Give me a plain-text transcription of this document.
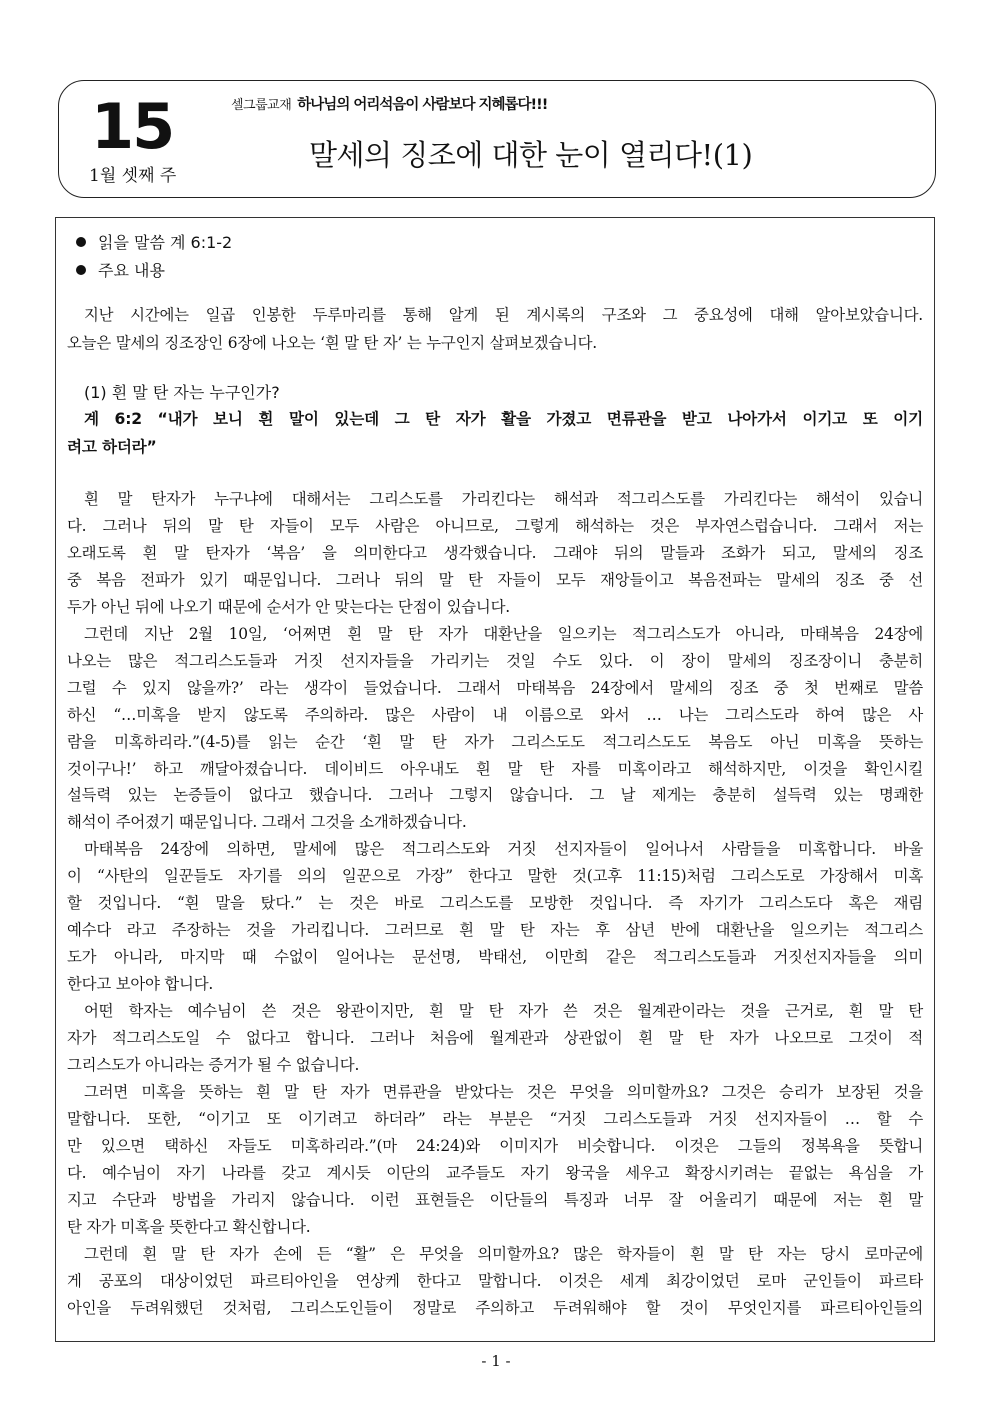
15
1월 셋째 주
셀그룹교재 하나님의 어리석음이 사람보다 지혜롭다!!!
말세의 징조에 대한 눈이 열리다!(1)
읽을 말씀 계 6:1-2
주요 내용
지난 시간에는 일곱 인봉한 두루마리를 통해 알게 된 계시록의 구조와 그 중요성에 대해 알아보았습니다.
오늘은 말세의 징조장인 6장에 나오는 ‘흰 말 탄 자’ 는 누구인지 살펴보겠습니다.
(1) 흰 말 탄 자는 누구인가?
계 6:2 “내가 보니 흰 말이 있는데 그 탄 자가 활을 가졌고 면류관을 받고 나아가서 이기고 또 이기
려고 하더라”
흰 말 탄자가 누구냐에 대해서는 그리스도를 가리킨다는 해석과 적그리스도를 가리킨다는 해석이 있습니
다. 그러나 뒤의 말 탄 자들이 모두 사람은 아니므로, 그렇게 해석하는 것은 부자연스럽습니다. 그래서 저는
오래도록 흰 말 탄자가 ‘복음’ 을 의미한다고 생각했습니다. 그래야 뒤의 말들과 조화가 되고, 말세의 징조
중 복음 전파가 있기 때문입니다. 그러나 뒤의 말 탄 자들이 모두 재앙들이고 복음전파는 말세의 징조 중 선
두가 아닌 뒤에 나오기 때문에 순서가 안 맞는다는 단점이 있습니다.
그런데 지난 2월 10일, ‘어쩌면 흰 말 탄 자가 대환난을 일으키는 적그리스도가 아니라, 마태복음 24장에
나오는 많은 적그리스도들과 거짓 선지자들을 가리키는 것일 수도 있다. 이 장이 말세의 징조장이니 충분히
그럴 수 있지 않을까?’ 라는 생각이 들었습니다. 그래서 마태복음 24장에서 말세의 징조 중 첫 번째로 말씀
하신 “…미혹을 받지 않도록 주의하라. 많은 사람이 내 이름으로 와서 … 나는 그리스도라 하여 많은 사
람을 미혹하리라.”(4-5)를 읽는 순간 ‘흰 말 탄 자가 그리스도도 적그리스도도 복음도 아닌 미혹을 뜻하는
것이구나!’ 하고 깨달아졌습니다. 데이비드 아우내도 흰 말 탄 자를 미혹이라고 해석하지만, 이것을 확인시킬
설득력 있는 논증들이 없다고 했습니다. 그러나 그렇지 않습니다. 그 날 제게는 충분히 설득력 있는 명쾌한
해석이 주어졌기 때문입니다. 그래서 그것을 소개하겠습니다.
마태복음 24장에 의하면, 말세에 많은 적그리스도와 거짓 선지자들이 일어나서 사람들을 미혹합니다. 바울
이 “사탄의 일꾼들도 자기를 의의 일꾼으로 가장” 한다고 말한 것(고후 11:15)처럼 그리스도로 가장해서 미혹
할 것입니다. “흰 말을 탔다.” 는 것은 바로 그리스도를 모방한 것입니다. 즉 자기가 그리스도다 혹은 재림
예수다 라고 주장하는 것을 가리킵니다. 그러므로 흰 말 탄 자는 후 삼년 반에 대환난을 일으키는 적그리스
도가 아니라, 마지막 때 수없이 일어나는 문선명, 박태선, 이만희 같은 적그리스도들과 거짓선지자들을 의미
한다고 보아야 합니다.
어떤 학자는 예수님이 쓴 것은 왕관이지만, 흰 말 탄 자가 쓴 것은 월계관이라는 것을 근거로, 흰 말 탄
자가 적그리스도일 수 없다고 합니다. 그러나 처음에 월계관과 상관없이 흰 말 탄 자가 나오므로 그것이 적
그리스도가 아니라는 증거가 될 수 없습니다.
그러면 미혹을 뜻하는 흰 말 탄 자가 면류관을 받았다는 것은 무엇을 의미할까요? 그것은 승리가 보장된 것을
말합니다. 또한, “이기고 또 이기려고 하더라” 라는 부분은 “거짓 그리스도들과 거짓 선지자들이 … 할 수
만 있으면 택하신 자들도 미혹하리라.”(마 24:24)와 이미지가 비슷합니다. 이것은 그들의 정복욕을 뜻합니
다. 예수님이 자기 나라를 갖고 계시듯 이단의 교주들도 자기 왕국을 세우고 확장시키려는 끝없는 욕심을 가
지고 수단과 방법을 가리지 않습니다. 이런 표현들은 이단들의 특징과 너무 잘 어울리기 때문에 저는 흰 말
탄 자가 미혹을 뜻한다고 확신합니다.
그런데 흰 말 탄 자가 손에 든 “활” 은 무엇을 의미할까요? 많은 학자들이 흰 말 탄 자는 당시 로마군에
게 공포의 대상이었던 파르티아인을 연상케 한다고 말합니다. 이것은 세계 최강이었던 로마 군인들이 파르타
아인을 두려워했던 것처럼, 그리스도인들이 정말로 주의하고 두려워해야 할 것이 무엇인지를 파르티아인들의
- 1 -
